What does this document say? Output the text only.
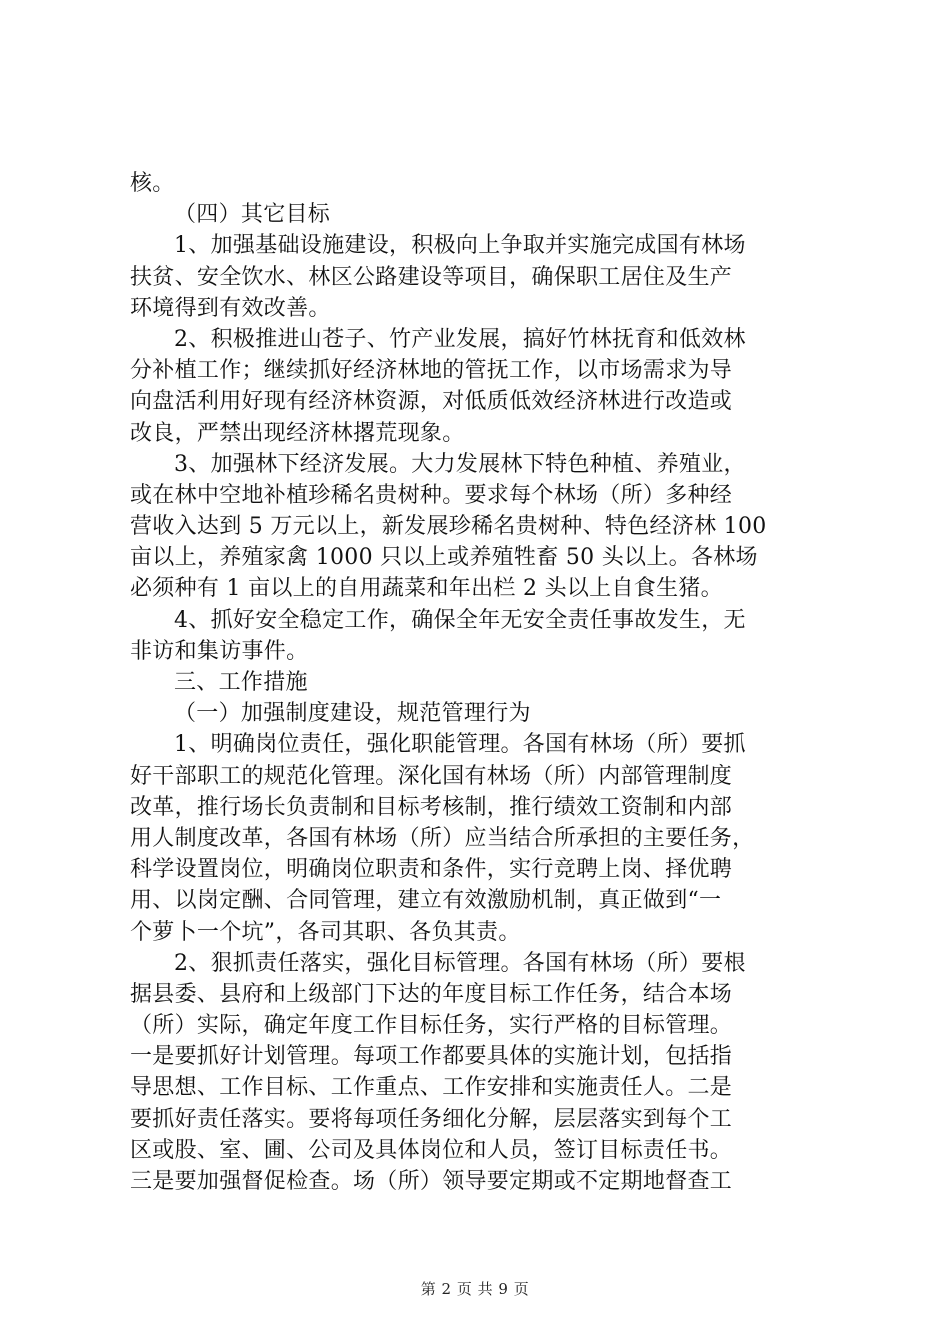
核。
（四）其它目标
1、加强基础设施建设，积极向上争取并实施完成国有林场
扶贫、安全饮水、林区公路建设等项目，确保职工居住及生产
环境得到有效改善。
2、积极推进山苍子、竹产业发展，搞好竹林抚育和低效林
分补植工作；继续抓好经济林地的管抚工作，以市场需求为导
向盘活利用好现有经济林资源，对低质低效经济林进行改造或
改良，严禁出现经济林撂荒现象。
3、加强林下经济发展。大力发展林下特色种植、养殖业，
或在林中空地补植珍稀名贵树种。要求每个林场（所）多种经
营收入达到 5 万元以上，新发展珍稀名贵树种、特色经济林 100
亩以上，养殖家禽 1000 只以上或养殖牲畜 50 头以上。各林场
必须种有 1 亩以上的自用蔬菜和年出栏 2 头以上自食生猪。
4、抓好安全稳定工作，确保全年无安全责任事故发生，无
非访和集访事件。
三、工作措施
（一）加强制度建设，规范管理行为
1、明确岗位责任，强化职能管理。各国有林场（所）要抓
好干部职工的规范化管理。深化国有林场（所）内部管理制度
改革，推行场长负责制和目标考核制，推行绩效工资制和内部
用人制度改革，各国有林场（所）应当结合所承担的主要任务，
科学设置岗位，明确岗位职责和条件，实行竞聘上岗、择优聘
用、以岗定酬、合同管理，建立有效激励机制，真正做到“一
个萝卜一个坑”，各司其职、各负其责。
2、狠抓责任落实，强化目标管理。各国有林场（所）要根
据县委、县府和上级部门下达的年度目标工作任务，结合本场
（所）实际，确定年度工作目标任务，实行严格的目标管理。
一是要抓好计划管理。每项工作都要具体的实施计划，包括指
导思想、工作目标、工作重点、工作安排和实施责任人。二是
要抓好责任落实。要将每项任务细化分解，层层落实到每个工
区或股、室、圃、公司及具体岗位和人员，签订目标责任书。
三是要加强督促检查。场（所）领导要定期或不定期地督查工
第 2 页 共 9 页
